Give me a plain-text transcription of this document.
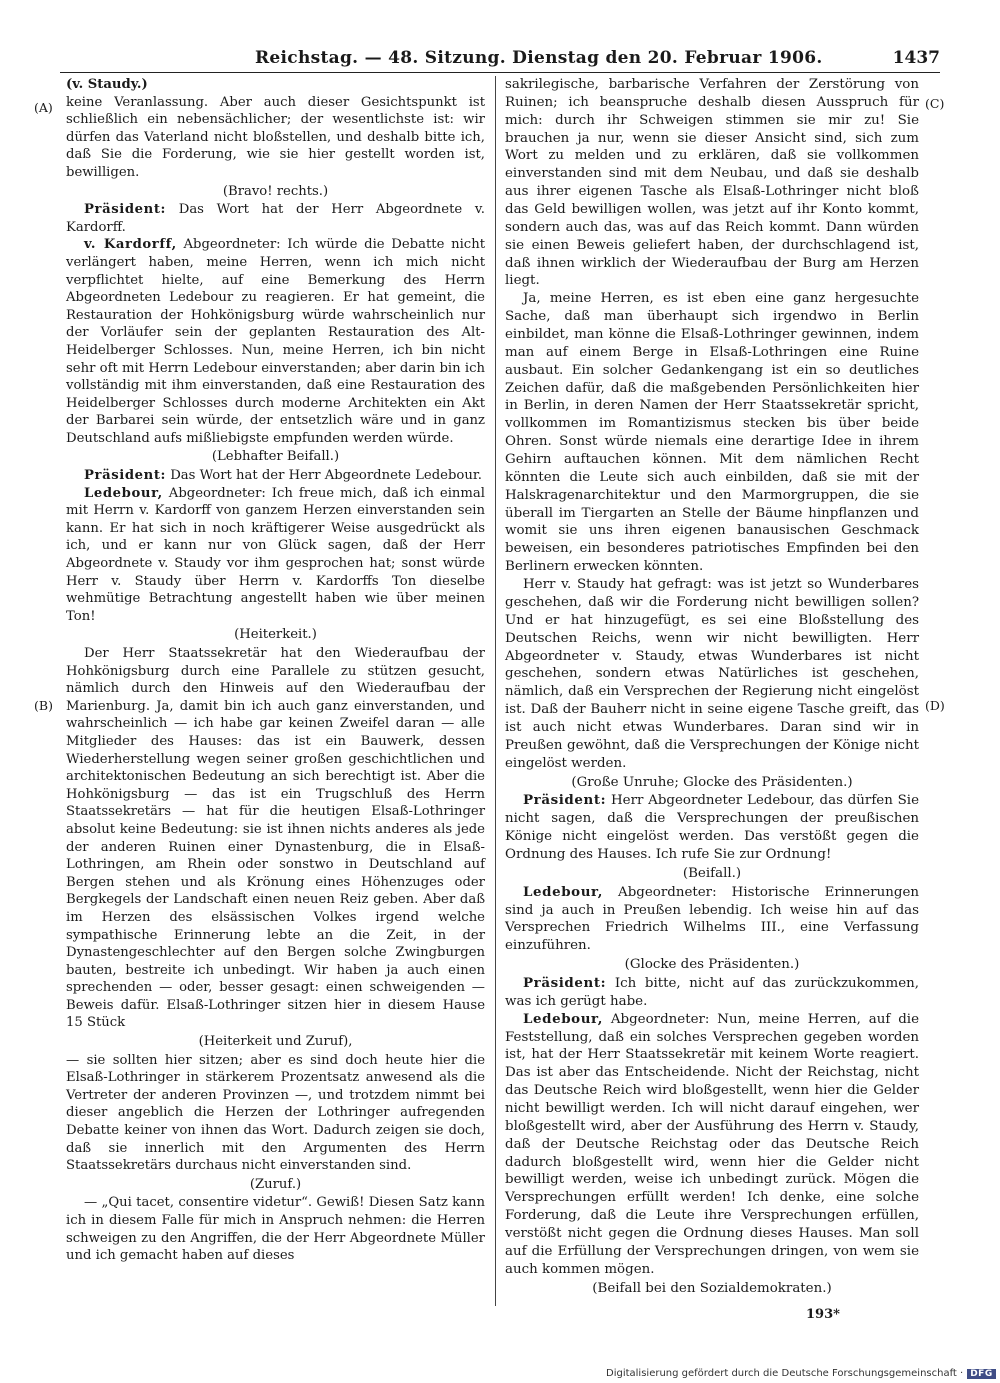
Reichstag. — 48. Sitzung. Dienstag den 20. Februar 1906.	1437
(A)
(B)
(C)
(D)

(v. Staudy.)

keine Veranlassung. Aber auch dieser Gesichtspunkt ist schließlich ein nebensächlicher; der wesentlichste ist: wir dürfen das Vaterland nicht bloßstellen, und deshalb bitte ich, daß Sie die Forderung, wie sie hier gestellt worden ist, bewilligen.

(Bravo! rechts.)

Präsident: Das Wort hat der Herr Abgeordnete v. Kardorff.

v. Kardorff, Abgeordneter: Ich würde die Debatte nicht verlängert haben, meine Herren, wenn ich mich nicht verpflichtet hielte, auf eine Bemerkung des Herrn Abgeordneten Ledebour zu reagieren. Er hat gemeint, die Restauration der Hohkönigsburg würde wahrscheinlich nur der Vorläufer sein der geplanten Restauration des Alt-Heidelberger Schlosses. Nun, meine Herren, ich bin nicht sehr oft mit Herrn Ledebour einverstanden; aber darin bin ich vollständig mit ihm einverstanden, daß eine Restauration des Heidelberger Schlosses durch moderne Architekten ein Akt der Barbarei sein würde, der entsetzlich wäre und in ganz Deutschland aufs mißliebigste empfunden werden würde.

(Lebhafter Beifall.)

Präsident: Das Wort hat der Herr Abgeordnete Ledebour.

Ledebour, Abgeordneter: Ich freue mich, daß ich einmal mit Herrn v. Kardorff von ganzem Herzen einverstanden sein kann. Er hat sich in noch kräftigerer Weise ausgedrückt als ich, und er kann nur von Glück sagen, daß der Herr Abgeordnete v. Staudy vor ihm gesprochen hat; sonst würde Herr v. Staudy über Herrn v. Kardorffs Ton dieselbe wehmütige Betrachtung angestellt haben wie über meinen Ton!

(Heiterkeit.)

Der Herr Staatssekretär hat den Wiederaufbau der Hohkönigsburg durch eine Parallele zu stützen gesucht, nämlich durch den Hinweis auf den Wiederaufbau der Marienburg. Ja, damit bin ich auch ganz einverstanden, und wahrscheinlich — ich habe gar keinen Zweifel daran — alle Mitglieder des Hauses: das ist ein Bauwerk, dessen Wiederherstellung wegen seiner großen geschichtlichen und architektonischen Bedeutung an sich berechtigt ist. Aber die Hohkönigsburg — das ist ein Trugschluß des Herrn Staatssekretärs — hat für die heutigen Elsaß-Lothringer absolut keine Bedeutung: sie ist ihnen nichts anderes als jede der anderen Ruinen einer Dynastenburg, die in Elsaß-Lothringen, am Rhein oder sonstwo in Deutschland auf Bergen stehen und als Krönung eines Höhenzuges oder Bergkegels der Landschaft einen neuen Reiz geben. Aber daß im Herzen des elsässischen Volkes irgend welche sympathische Erinnerung lebte an die Zeit, in der Dynastengeschlechter auf den Bergen solche Zwingburgen bauten, bestreite ich unbedingt. Wir haben ja auch einen sprechenden — oder, besser gesagt: einen schweigenden — Beweis dafür. Elsaß-Lothringer sitzen hier in diesem Hause 15 Stück

(Heiterkeit und Zuruf),

— sie sollten hier sitzen; aber es sind doch heute hier die Elsaß-Lothringer in stärkerem Prozentsatz anwesend als die Vertreter der anderen Provinzen —, und trotzdem nimmt bei dieser angeblich die Herzen der Lothringer aufregenden Debatte keiner von ihnen das Wort. Dadurch zeigen sie doch, daß sie innerlich mit den Argumenten des Herrn Staatssekretärs durchaus nicht einverstanden sind.

(Zuruf.)

— „Qui tacet, consentire videtur“. Gewiß! Diesen Satz kann ich in diesem Falle für mich in Anspruch nehmen: die Herren schweigen zu den Angriffen, die der Herr Abgeordnete Müller und ich gemacht haben auf dieses

sakrilegische, barbarische Verfahren der Zerstörung von Ruinen; ich beanspruche deshalb diesen Ausspruch für mich: durch ihr Schweigen stimmen sie mir zu! Sie brauchen ja nur, wenn sie dieser Ansicht sind, sich zum Wort zu melden und zu erklären, daß sie vollkommen einverstanden sind mit dem Neubau, und daß sie deshalb aus ihrer eigenen Tasche als Elsaß-Lothringer nicht bloß das Geld bewilligen wollen, was jetzt auf ihr Konto kommt, sondern auch das, was auf das Reich kommt. Dann würden sie einen Beweis geliefert haben, der durchschlagend ist, daß ihnen wirklich der Wiederaufbau der Burg am Herzen liegt.

Ja, meine Herren, es ist eben eine ganz hergesuchte Sache, daß man überhaupt sich irgendwo in Berlin einbildet, man könne die Elsaß-Lothringer gewinnen, indem man auf einem Berge in Elsaß-Lothringen eine Ruine ausbaut. Ein solcher Gedankengang ist ein so deutliches Zeichen dafür, daß die maßgebenden Persönlichkeiten hier in Berlin, in deren Namen der Herr Staatssekretär spricht, vollkommen im Romantizismus stecken bis über beide Ohren. Sonst würde niemals eine derartige Idee in ihrem Gehirn auftauchen können. Mit dem nämlichen Recht könnten die Leute sich auch einbilden, daß sie mit der Halskragenarchitektur und den Marmorgruppen, die sie überall im Tiergarten an Stelle der Bäume hinpflanzen und womit sie uns ihren eigenen banausischen Geschmack beweisen, ein besonderes patriotisches Empfinden bei den Berlinern erwecken könnten.

Herr v. Staudy hat gefragt: was ist jetzt so Wunderbares geschehen, daß wir die Forderung nicht bewilligen sollen? Und er hat hinzugefügt, es sei eine Bloßstellung des Deutschen Reichs, wenn wir nicht bewilligten. Herr Abgeordneter v. Staudy, etwas Wunderbares ist nicht geschehen, sondern etwas Natürliches ist geschehen, nämlich, daß ein Versprechen der Regierung nicht eingelöst ist. Daß der Bauherr nicht in seine eigene Tasche greift, das ist auch nicht etwas Wunderbares. Daran sind wir in Preußen gewöhnt, daß die Versprechungen der Könige nicht eingelöst werden.

(Große Unruhe; Glocke des Präsidenten.)

Präsident: Herr Abgeordneter Ledebour, das dürfen Sie nicht sagen, daß die Versprechungen der preußischen Könige nicht eingelöst werden. Das verstößt gegen die Ordnung des Hauses. Ich rufe Sie zur Ordnung!

(Beifall.)

Ledebour, Abgeordneter: Historische Erinnerungen sind ja auch in Preußen lebendig. Ich weise hin auf das Versprechen Friedrich Wilhelms III., eine Verfassung einzuführen.

(Glocke des Präsidenten.)

Präsident: Ich bitte, nicht auf das zurückzukommen, was ich gerügt habe.

Ledebour, Abgeordneter: Nun, meine Herren, auf die Feststellung, daß ein solches Versprechen gegeben worden ist, hat der Herr Staatssekretär mit keinem Worte reagiert. Das ist aber das Entscheidende. Nicht der Reichstag, nicht das Deutsche Reich wird bloßgestellt, wenn hier die Gelder nicht bewilligt werden. Ich will nicht darauf eingehen, wer bloßgestellt wird, aber der Ausführung des Herrn v. Staudy, daß der Deutsche Reichstag oder das Deutsche Reich dadurch bloßgestellt wird, wenn hier die Gelder nicht bewilligt werden, weise ich unbedingt zurück. Mögen die Versprechungen erfüllt werden! Ich denke, eine solche Forderung, daß die Leute ihre Versprechungen erfüllen, verstößt nicht gegen die Ordnung dieses Hauses. Man soll auf die Erfüllung der Versprechungen dringen, von wem sie auch kommen mögen.

(Beifall bei den Sozialdemokraten.)

193*
Digitalisierung gefördert durch die Deutsche Forschungsgemeinschaft · DFG
